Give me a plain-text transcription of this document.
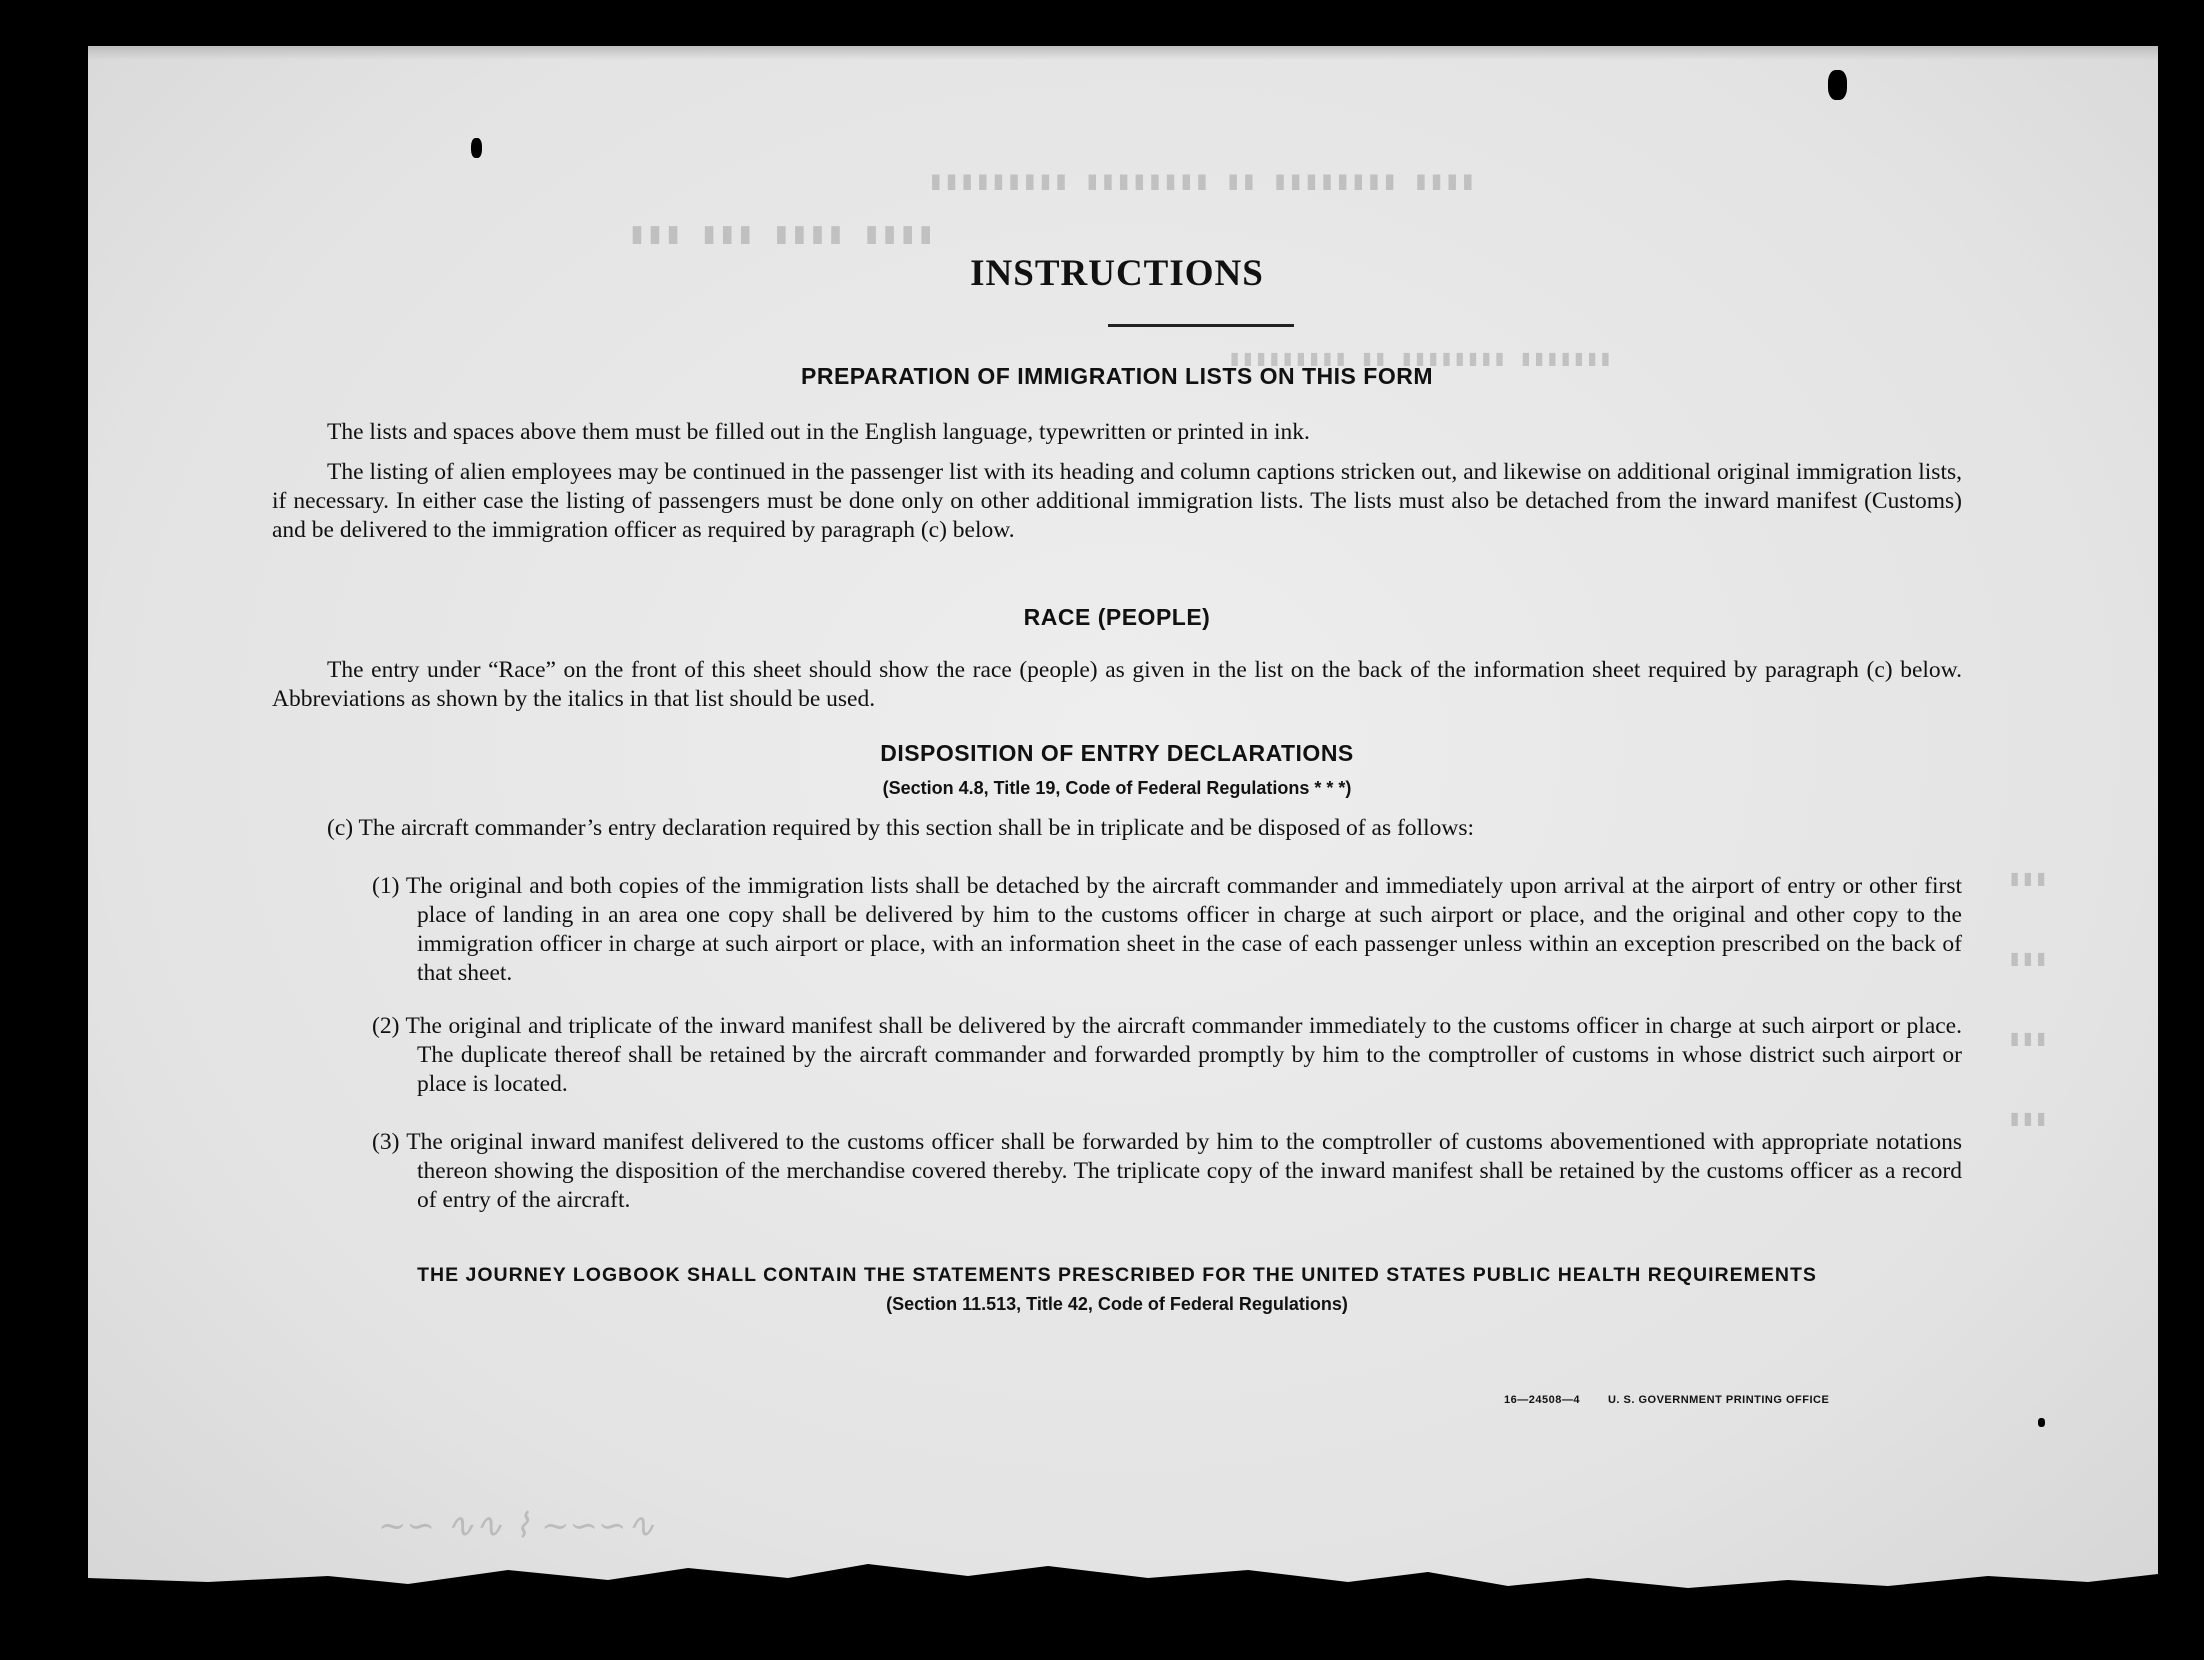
▮▮▮▮ ▮▮▮▮▮▮▮▮ ▮▮ ▮▮▮▮▮▮▮▮ ▮▮▮▮▮▮▮▮▮
▮▮▮▮ ▮▮▮▮ ▮▮▮ ▮▮▮
▮▮▮▮▮▮▮ ▮▮▮▮▮▮▮▮ ▮▮ ▮▮▮▮▮▮▮▮▮
▮▮▮
▮▮▮
▮▮▮
▮▮▮
~∽ ∿∿ ⌇ ~∽∽∿
INSTRUCTIONS
PREPARATION OF IMMIGRATION LISTS ON THIS FORM
The lists and spaces above them must be filled out in the English language, typewritten or printed in ink.
The listing of alien employees may be continued in the passenger list with its heading and column captions stricken out, and likewise on additional original immigration lists, if necessary. In either case the listing of passengers must be done only on other additional immigration lists. The lists must also be detached from the inward manifest (Customs) and be delivered to the immigration officer as required by paragraph (c) below.
RACE (PEOPLE)
The entry under “Race” on the front of this sheet should show the race (people) as given in the list on the back of the information sheet required by paragraph (c) below. Abbreviations as shown by the italics in that list should be used.
DISPOSITION OF ENTRY DECLARATIONS
(Section 4.8, Title 19, Code of Federal Regulations * * *)
(c) The aircraft commander’s entry declaration required by this section shall be in triplicate and be disposed of as follows:
(1) The original and both copies of the immigration lists shall be detached by the aircraft commander and immediately upon arrival at the airport of entry or other first place of landing in an area one copy shall be delivered by him to the customs officer in charge at such airport or place, and the original and other copy to the immigration officer in charge at such airport or place, with an information sheet in the case of each passenger unless within an exception prescribed on the back of that sheet.
(2) The original and triplicate of the inward manifest shall be delivered by the aircraft commander immediately to the customs officer in charge at such airport or place. The duplicate thereof shall be retained by the aircraft commander and forwarded promptly by him to the comptroller of customs in whose district such airport or place is located.
(3) The original inward manifest delivered to the customs officer shall be forwarded by him to the comptroller of customs abovementioned with appropriate notations thereon showing the disposition of the merchandise covered thereby. The triplicate copy of the inward manifest shall be retained by the customs officer as a record of entry of the aircraft.
THE JOURNEY LOGBOOK SHALL CONTAIN THE STATEMENTS PRESCRIBED FOR THE UNITED STATES PUBLIC HEALTH REQUIREMENTS
(Section 11.513, Title 42, Code of Federal Regulations)
16—24508—4	U. S. GOVERNMENT PRINTING OFFICE
